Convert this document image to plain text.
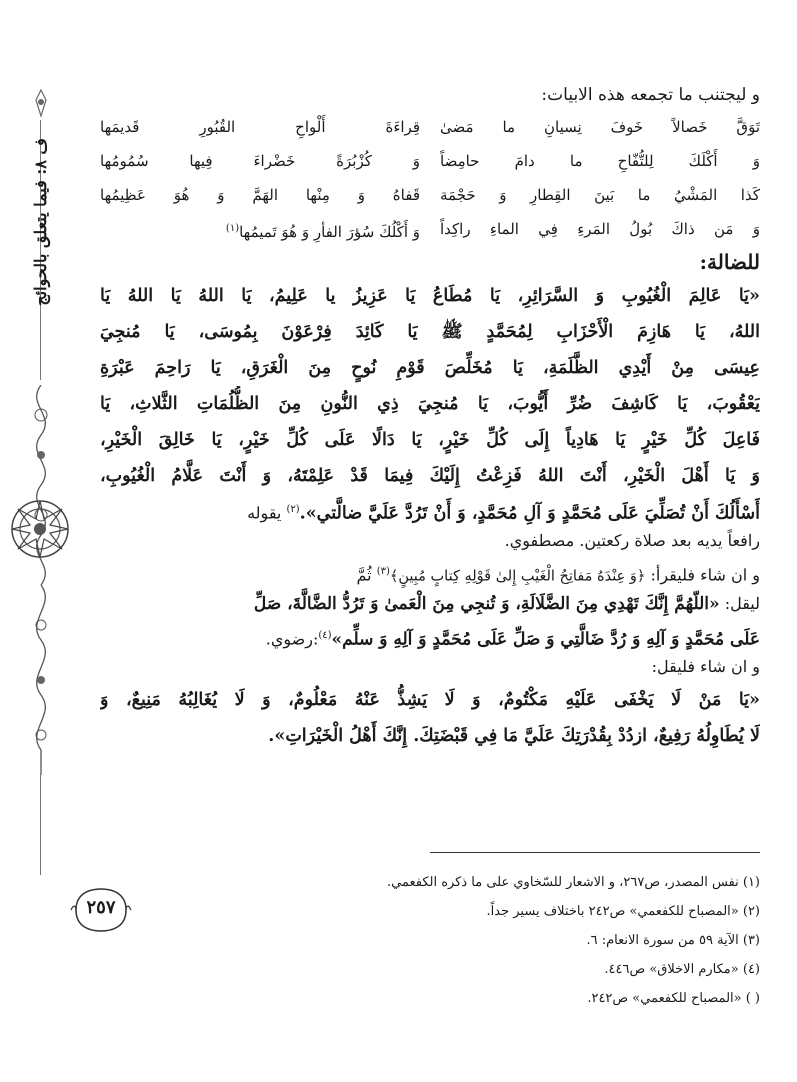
ف ٨: فيما يتعلق بالحوائج
٢٥٧
و ليجتنب ما تجمعه هذه الابيات:
تَوَقَّ خَصالاً خَوفَ نِسيانِ ما مَضىٰ
قِراءَةَ أَلْواحِ القُبُورِ قَديمَها
وَ أَكْلَكَ لِلتُّفّاحِ ما دامَ حامِضاً
وَ كُزْبُرَةً خَضْراءَ فِيها سُمُومُها
كَذا المَشْيُ ما بَينَ القِطارِ وَ حَجْمَة
قَفاهُ وَ مِنْها الهَمَّ وَ هُوَ عَظِيمُها
وَ مَن ذاكَ بُولُ المَرءِ فِي الماءِ راكِداً
وَ أَكْلُكَ سُؤرَ الفأرِ وَ هُوَ تَميمُها$^{(١)}$
للضالة:
«يَا عَالِمَ الْغُيُوبِ وَ السَّرَائِرِ، يَا مُطَاعُ يَا عَزِيزُ يا عَلِيمُ، يَا اللهُ يَا اللهُ يَا
اللهُ، يَا هَازِمَ الْأَحْزَابِ لِمُحَمَّدٍ ﷺ يَا كَائِدَ فِرْعَوْنَ بِمُوسَى، يَا مُنجِيَ
عِيسَى مِنْ أَيْدِي الظَّلَمَةِ، يَا مُخَلِّصَ قَوْمِ نُوحٍ مِنَ الْغَرَقِ، يَا رَاحِمَ عَبْرَةِ
يَعْقُوبَ، يَا كَاشِفَ ضُرِّ أَيُّوبَ، يَا مُنجِيَ ذِي النُّونِ مِنَ الظُّلُمَاتِ الثَّلاثِ، يَا
فَاعِلَ كُلِّ خَيْرٍ يَا هَادِياً إِلَى كُلِّ خَيْرٍ، يَا دَالًا عَلَى كُلِّ خَيْرٍ، يَا خَالِقَ الْخَيْرِ،
وَ يَا أَهْلَ الْخَيْرِ، أَنْتَ اللهُ فَزِعْتُ إِلَيْكَ فِيمَا قَدْ عَلِمْتَهُ، وَ أَنْتَ عَلَّامُ الْغُيُوبِ،
أَسْأَلُكَ أَنْ تُصَلِّيَ عَلَى مُحَمَّدٍ وَ آلِ مُحَمَّدٍ، وَ أَنْ تَرُدَّ عَلَيَّ ضالَّتي».$^{(٢)}$ يقوله
رافعاً يديه بعد صلاة ركعتين. مصطفوي.
و ان شاء فليقرأ: ﴿وَ عِنْدَهُ مَفاتِحُ الْغَيْبِ إِلىٰ قَوْلِهِ كِتابٍ مُبِينٍ﴾$^{(٣)}$ ثُمَّ
ليقل: «اللّهُمَّ إِنَّكَ تَهْدِي مِنَ الضَّلَالَةِ، وَ تُنجِي مِنَ الْعَمىٰ وَ تَرُدُّ الضَّالَّةَ، صَلِّ
عَلَى مُحَمَّدٍ وَ آلِهِ وَ رُدَّ ضَالَّتِي وَ صَلِّ عَلَى مُحَمَّدٍ وَ آلِهِ وَ سلِّم»$^{(٤)}$:رضوي.
و ان شاء فليقل:
«يَا مَنْ لَا يَخْفَى عَلَيْهِ مَكْتُومٌ، وَ لَا يَشِذُّ عَنْهُ مَعْلُومٌ، وَ لَا يُغَالِبُهُ مَنِيعٌ، وَ
لَا يُطَاوِلُهُ رَفِيعٌ، ازدُدْ بِقُدْرَتِكَ عَلَيَّ مَا فِي قَبْضَتِكَ. إِنَّكَ أَهْلُ الْخَيْرَاتِ».
(١) نفس المصدر، ص٢٦٧، و الاشعار للسّخاوي على ما ذكره الكفعمي.
(٢) «المصباح للكفعمي» ص٢٤٢ باختلاف يسير جداً.
(٣) الآية ٥٩ من سورة الانعام: ٦.
(٤) «مكارم الاخلاق» ص٤٤٦.
( ) «المصباح للكفعمي» ص٢٤٢.
